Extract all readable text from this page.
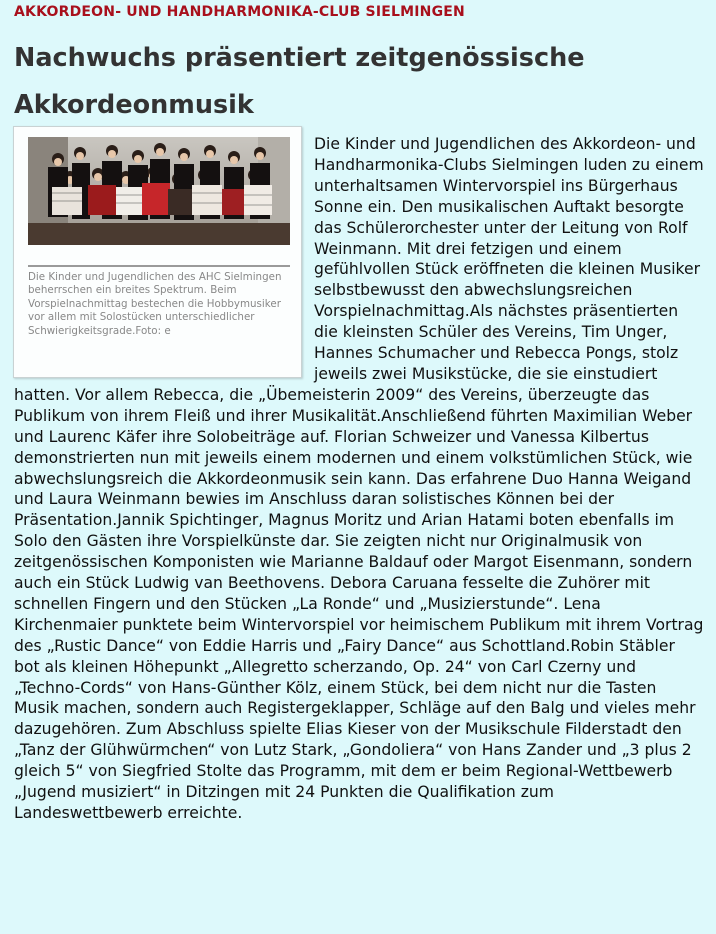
AKKORDEON- UND HANDHARMONIKA-CLUB SIELMINGEN
Nachwuchs präsentiert zeitgenössische Akkordeonmusik

Die Kinder und Jugendlichen des AHC Sielmingen beherrschen ein breites Spektrum. Beim Vorspielnachmittag bestechen die Hobbymusiker vor allem mit Solostücken unterschiedlicher Schwierigkeitsgrade.Foto: e

Die Kinder und Jugendlichen des Akkordeon- und Handharmonika-Clubs Sielmingen luden zu einem unterhaltsamen Wintervorspiel ins Bürgerhaus Sonne ein. Den musikalischen Auftakt besorgte das Schülerorchester unter der Leitung von Rolf Weinmann. Mit drei fetzigen und einem gefühlvollen Stück eröffneten die kleinen Musiker selbstbewusst den abwechslungsreichen Vorspielnachmittag.Als nächstes präsentierten die kleinsten Schüler des Vereins, Tim Unger, Hannes Schumacher und Rebecca Pongs, stolz jeweils zwei Musikstücke, die sie einstudiert hatten. Vor allem Rebecca, die „Übemeisterin 2009“ des Vereins, überzeugte das Publikum von ihrem Fleiß und ihrer Musikalität.Anschließend führten Maximilian Weber und Laurenc Käfer ihre Solobeiträge auf. Florian Schweizer und Vanessa Kilbertus demonstrierten nun mit jeweils einem modernen und einem volkstümlichen Stück, wie abwechslungsreich die Akkordeonmusik sein kann. Das erfahrene Duo Hanna Weigand und Laura Weinmann bewies im Anschluss daran solistisches Können bei der Präsentation.Jannik Spichtinger, Magnus Moritz und Arian Hatami boten ebenfalls im Solo den Gästen ihre Vorspielkünste dar. Sie zeigten nicht nur Originalmusik von zeitgenössischen Komponisten wie Marianne Baldauf oder Margot Eisenmann, sondern auch ein Stück Ludwig van Beethovens. Debora Caruana fesselte die Zuhörer mit schnellen Fingern und den Stücken „La Ronde“ und „Musizierstunde“. Lena Kirchenmaier punktete beim Wintervorspiel vor heimischem Publikum mit ihrem Vortrag des „Rustic Dance“ von Eddie Harris und „Fairy Dance“ aus Schottland.Robin Stäbler bot als kleinen Höhepunkt „Allegretto scherzando, Op. 24“ von Carl Czerny und „Techno-Cords“ von Hans-Günther Kölz, einem Stück, bei dem nicht nur die Tasten Musik machen, sondern auch Registergeklapper, Schläge auf den Balg und vieles mehr dazugehören. Zum Abschluss spielte Elias Kieser von der Musikschule Filderstadt den „Tanz der Glühwürmchen“ von Lutz Stark, „Gondoliera“ von Hans Zander und „3 plus 2 gleich 5“ von Siegfried Stolte das Programm, mit dem er beim Regional-Wettbewerb „Jugend musiziert“ in Ditzingen mit 24 Punkten die Qualifikation zum Landeswettbewerb erreichte.
